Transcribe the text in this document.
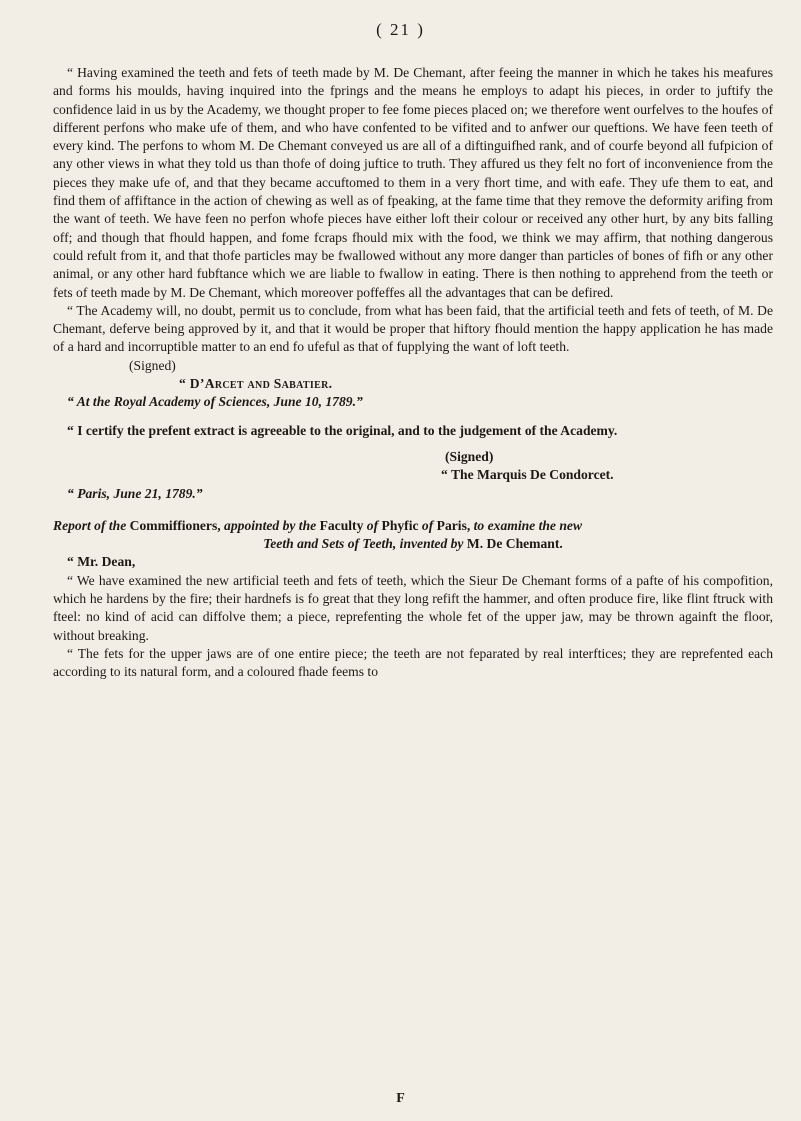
( 21 )

“ Having examined the teeth and fets of teeth made by M. De Chemant, after feeing the manner in which he takes his meafures and forms his moulds, having inquired into the fprings and the means he employs to adapt his pieces, in order to juftify the confidence laid in us by the Academy, we thought proper to fee fome pieces placed on; we therefore went ourfelves to the houfes of different perfons who make ufe of them, and who have confented to be vifited and to anfwer our queftions. We have feen teeth of every kind. The perfons to whom M. De Chemant conveyed us are all of a diftinguifhed rank, and of courfe beyond all fufpicion of any other views in what they told us than thofe of doing juftice to truth. They affured us they felt no fort of inconvenience from the pieces they make ufe of, and that they became accuftomed to them in a very fhort time, and with eafe. They ufe them to eat, and find them of affiftance in the action of chewing as well as of fpeaking, at the fame time that they remove the deformity arifing from the want of teeth. We have feen no perfon whofe pieces have either loft their colour or received any other hurt, by any bits falling off; and though that fhould happen, and fome fcraps fhould mix with the food, we think we may affirm, that nothing dangerous could refult from it, and that thofe particles may be fwallowed without any more danger than particles of bones of fifh or any other animal, or any other hard fubftance which we are liable to fwallow in eating. There is then nothing to apprehend from the teeth or fets of teeth made by M. De Chemant, which moreover poffeffes all the advantages that can be defired.

“ The Academy will, no doubt, permit us to conclude, from what has been faid, that the artificial teeth and fets of teeth, of M. De Chemant, deferve being approved by it, and that it would be proper that hiftory fhould mention the happy application he has made of a hard and incorruptible matter to an end fo ufeful as that of fupplying the want of loft teeth.

(Signed)

“ D’Arcet and Sabatier.

“ At the Royal Academy of Sciences, June 10, 1789.”

“ I certify the prefent extract is agreeable to the original, and to the judgement of the Academy.

(Signed)

“ The Marquis De Condorcet.

“ Paris, June 21, 1789.”

Report of the Commiffioners, appointed by the Faculty of Phyfic of Paris, to examine the new
Teeth and Sets of Teeth, invented by M. De Chemant.

“ Mr. Dean,

“ We have examined the new artificial teeth and fets of teeth, which the Sieur De Chemant forms of a pafte of his compofition, which he hardens by the fire; their hardnefs is fo great that they long refift the hammer, and often produce fire, like flint ftruck with fteel: no kind of acid can diffolve them; a piece, reprefenting the whole fet of the upper jaw, may be thrown againft the floor, without breaking.

“ The fets for the upper jaws are of one entire piece; the teeth are not feparated by real interftices; they are reprefented each according to its natural form, and a coloured fhade feems to

F
